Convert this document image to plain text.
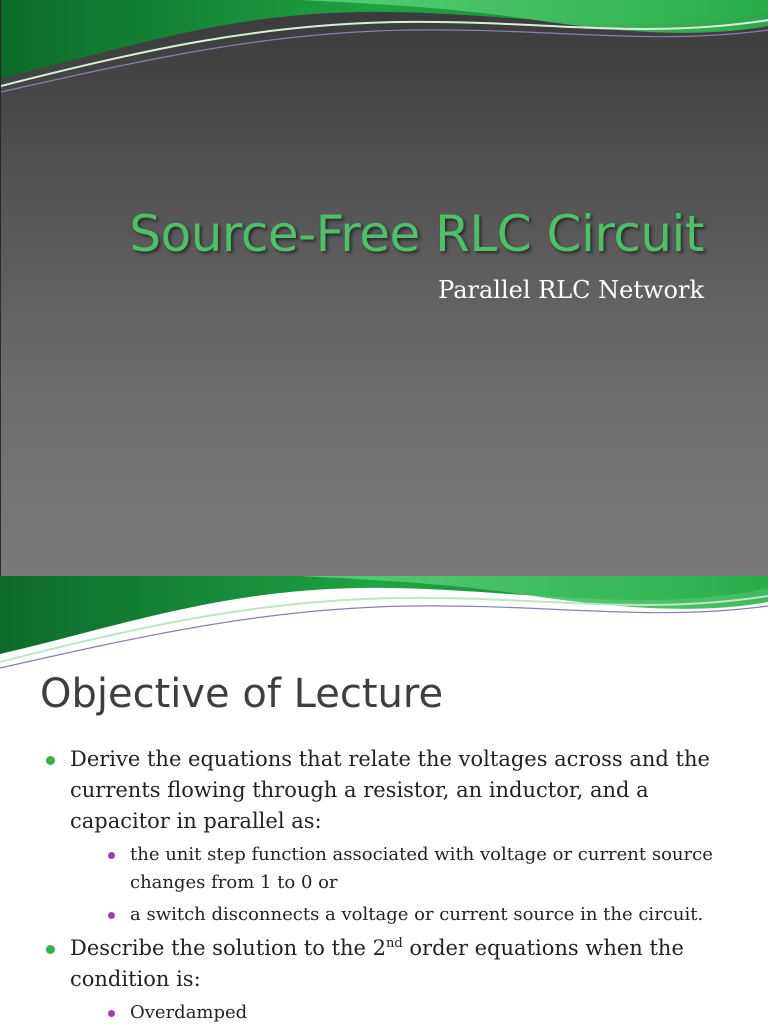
Source-Free RLC Circuit
Parallel RLC Network
Objective of Lecture
Derive the equations that relate the voltages across and the currents flowing through a resistor, an inductor, and a capacitor in parallel as:
the unit step function associated with voltage or current source changes from 1 to 0 or
a switch disconnects a voltage or current source in the circuit.
Describe the solution to the 2nd order equations when the condition is:
Overdamped
